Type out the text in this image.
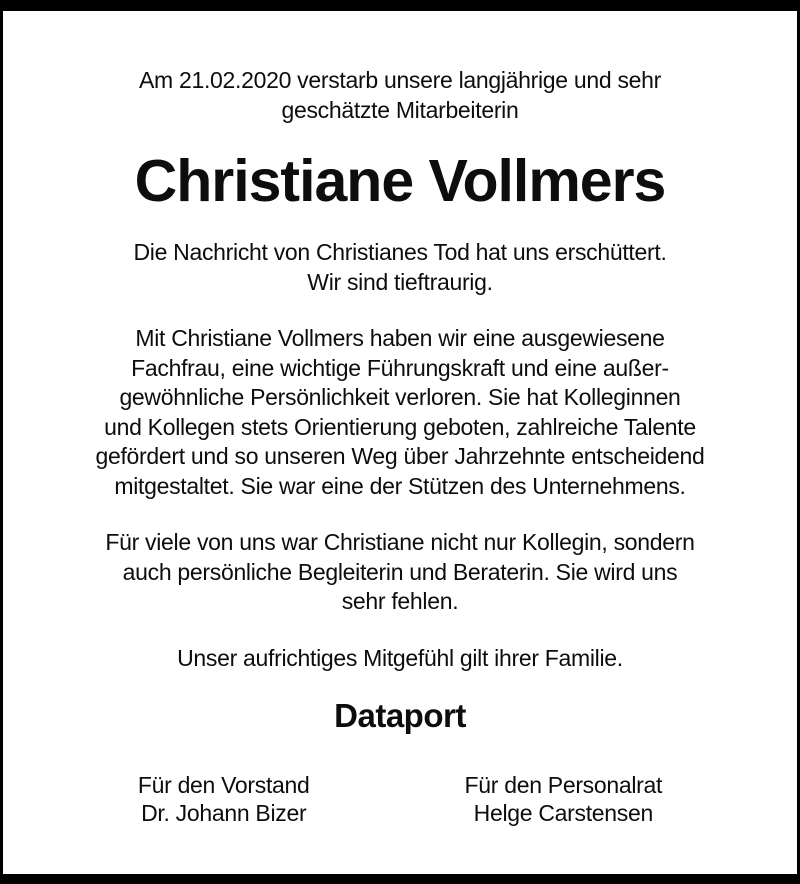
Am 21.02.2020 verstarb unsere langjährige und sehr
geschätzte Mitarbeiterin
Christiane Vollmers
Die Nachricht von Christianes Tod hat uns erschüttert.
Wir sind tieftraurig.
Mit Christiane Vollmers haben wir eine ausgewiesene
Fachfrau, eine wichtige Führungskraft und eine außer-
gewöhnliche Persönlichkeit verloren. Sie hat Kolleginnen
und Kollegen stets Orientierung geboten, zahlreiche Talente
gefördert und so unseren Weg über Jahrzehnte entscheidend
mitgestaltet. Sie war eine der Stützen des Unternehmens.
Für viele von uns war Christiane nicht nur Kollegin, sondern
auch persönliche Begleiterin und Beraterin. Sie wird uns
sehr fehlen.
Unser aufrichtiges Mitgefühl gilt ihrer Familie.
Dataport
Für den Vorstand
Dr. Johann Bizer
Für den Personalrat
Helge Carstensen
